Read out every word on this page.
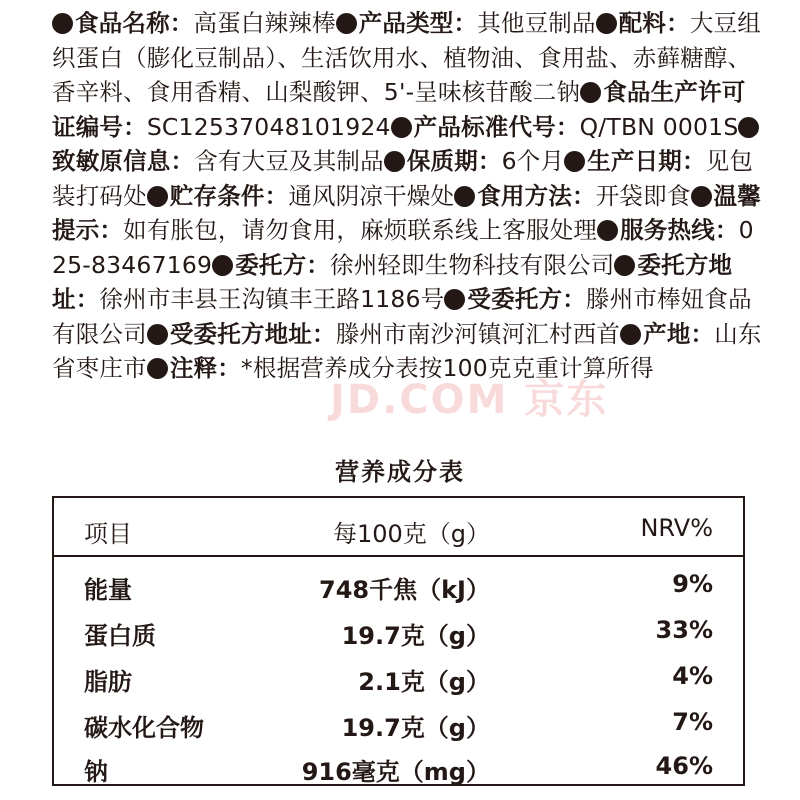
食品名称：高蛋白辣辣棒 产品类型：其他豆制品 配料：大豆组织蛋白（膨化豆制品）、生活饮用水、植物油、食用盐、赤藓糖醇、香辛料、食用香精、山梨酸钾、5'-呈味核苷酸二钠 食品生产许可证编号：SC12537048101924 产品标准代号：Q/TBN 0001S致敏原信息：含有大豆及其制品 保质期：6个月 生产日期：见包装打码处 贮存条件：通风阴凉干燥处 食用方法：开袋即食 温馨提示：如有胀包，请勿食用，麻烦联系线上客服处理 服务热线：025-83467169 委托方：徐州轻即生物科技有限公司 委托方地址：徐州市丰县王沟镇丰王路1186号 受委托方：滕州市棒妞食品有限公司 受委托方地址：滕州市南沙河镇河汇村西首 产地：山东省枣庄市 注释：*根据营养成分表按100克克重计算所得
JD.COM 京东
营养成分表
项目	每100克（g）	NRV%
能量	748千焦（kJ）	9%
蛋白质	19.7克（g）	33%
脂肪	2.1克（g）	4%
碳水化合物	19.7克（g）	7%
钠	916毫克（mg）	46%
